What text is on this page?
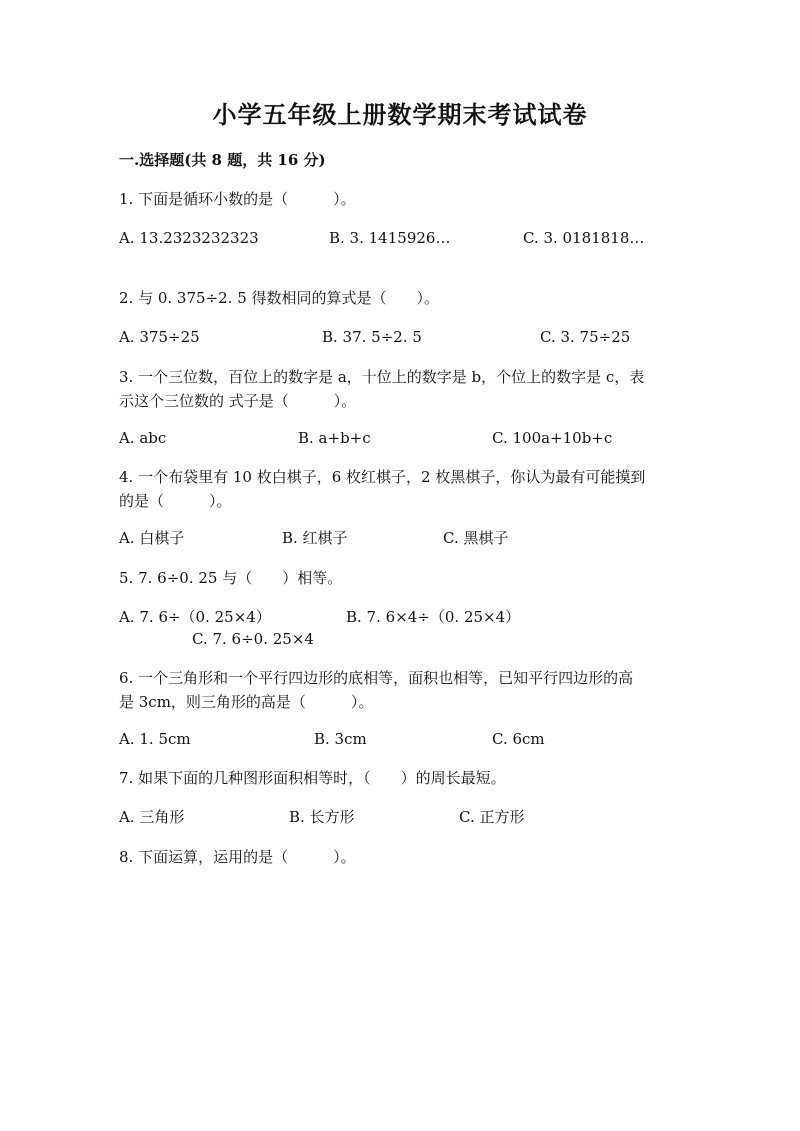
小学五年级上册数学期末考试试卷
一.选择题(共 8 题，共 16 分)
1. 下面是循环小数的是（　　　）。
A. 13.2323232323	B. 3. 1415926…	C. 3. 0181818…
2. 与 0. 375÷2. 5 得数相同的算式是（　　）。
A. 375÷25	B. 37. 5÷2. 5	C. 3. 75÷25
3. 一个三位数，百位上的数字是 a，十位上的数字是 b，个位上的数字是 c，表
示这个三位数的 式子是（　　　）。
A. abc	B. a+b+c	C. 100a+10b+c
4. 一个布袋里有 10 枚白棋子，6 枚红棋子，2 枚黑棋子，你认为最有可能摸到
的是（　　　）。
A. 白棋子	B. 红棋子	C. 黑棋子
5. 7. 6÷0. 25 与（　　）相等。
A. 7. 6÷（0. 25×4）	B. 7. 6×4÷（0. 25×4）
C. 7. 6÷0. 25×4
6. 一个三角形和一个平行四边形的底相等，面积也相等，已知平行四边形的高
是 3cm，则三角形的高是（　　　）。
A. 1. 5cm	B. 3cm	C. 6cm
7. 如果下面的几种图形面积相等时，（　　）的周长最短。
A. 三角形	B. 长方形	C. 正方形
8. 下面运算，运用的是（　　　）。
